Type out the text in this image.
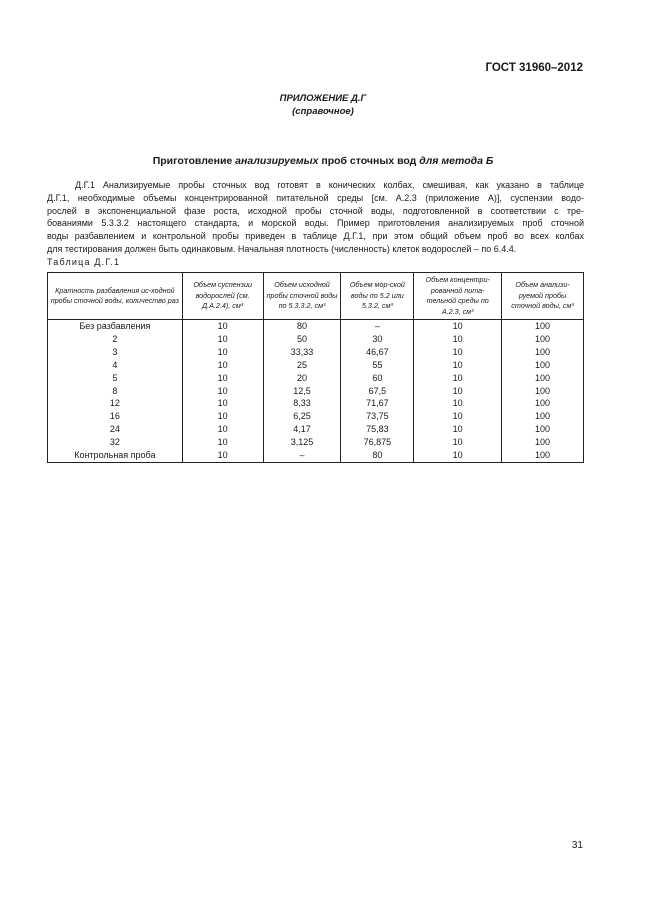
ГОСТ 31960–2012
ПРИЛОЖЕНИЕ Д.Г
(справочное)
Приготовление анализируемых проб сточных вод для метода Б
Д.Г.1 Анализируемые пробы сточных вод готовят в конических колбах, смешивая, как указано в таблице
Д.Г.1, необходимые объемы концентрированной питательной среды [см. А.2.3 (приложение А)], суспензии водо-
рослей в экспоненциальной фазе роста, исходной пробы сточной воды, подготовленной в соответствии с тре-
бованиями 5.3.3.2 настоящего стандарта, и морской воды. Пример приготовления анализируемых проб сточной
воды разбавлением и контрольной пробы приведен в таблице Д.Г.1, при этом общий объем проб во всех колбах
для тестирования должен быть одинаковым. Начальная плотность (численность) клеток водорослей – по 6.4.4.
Таблица Д.Г.1
Кратность разбавления ис-ходной пробы сточной воды, количество раз	Объем суспензии водорослей (см. Д.А.2.4), см³	Объем исходной пробы сточной воды по 5.3.3.2, см³	Объем мор-ской воды по 5.2 или 5.3.2, см³	Объем концентри-рованной пита-тельной среды по А.2.3, см³	Объем анализи-руемой пробы сточной воды, см³
Без разбавления	10	80	–	10	100
2	10	50	30	10	100
3	10	33,33	46,67	10	100
4	10	25	55	10	100
5	10	20	60	10	100
8	10	12,5	67,5	10	100
12	10	8,33	71,67	10	100
16	10	6,25	73,75	10	100
24	10	4,17	75,83	10	100
32	10	3,125	76,875	10	100
Контрольная проба	10	–	80	10	100
31
